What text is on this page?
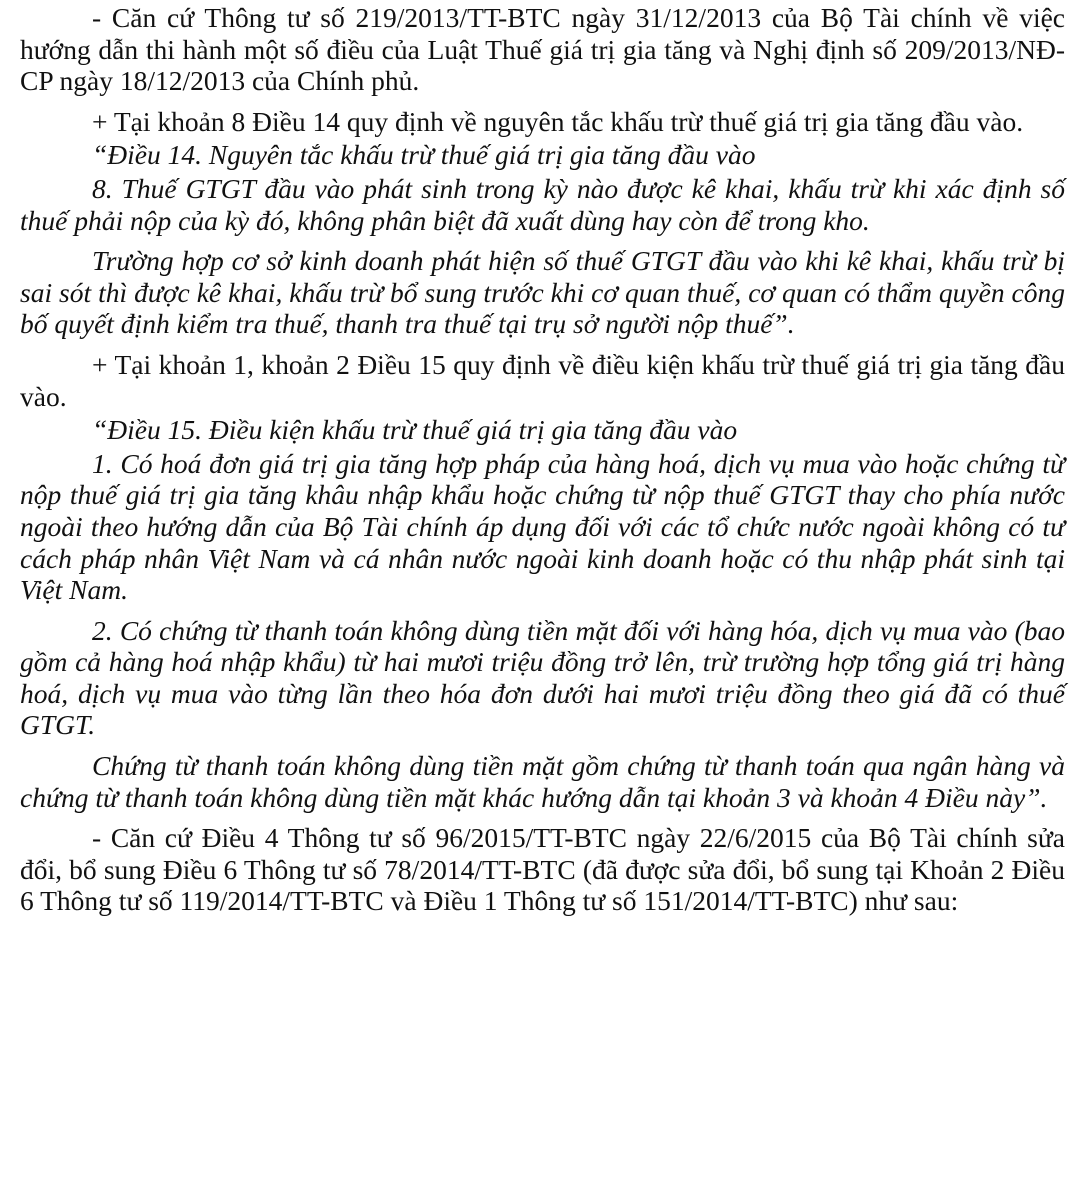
- Căn cứ Thông tư số 219/2013/TT-BTC ngày 31/12/2013 của Bộ Tài chính về việc hướng dẫn thi hành một số điều của Luật Thuế giá trị gia tăng và Nghị định số 209/2013/NĐ-CP ngày 18/12/2013 của Chính phủ.

+ Tại khoản 8 Điều 14 quy định về nguyên tắc khấu trừ thuế giá trị gia tăng đầu vào.

“Điều 14. Nguyên tắc khấu trừ thuế giá trị gia tăng đầu vào

8. Thuế GTGT đầu vào phát sinh trong kỳ nào được kê khai, khấu trừ khi xác định số thuế phải nộp của kỳ đó, không phân biệt đã xuất dùng hay còn để trong kho.

Trường hợp cơ sở kinh doanh phát hiện số thuế GTGT đầu vào khi kê khai, khấu trừ bị sai sót thì được kê khai, khấu trừ bổ sung trước khi cơ quan thuế, cơ quan có thẩm quyền công bố quyết định kiểm tra thuế, thanh tra thuế tại trụ sở người nộp thuế”.

+ Tại khoản 1, khoản 2 Điều 15 quy định về điều kiện khấu trừ thuế giá trị gia tăng đầu vào.

“Điều 15. Điều kiện khấu trừ thuế giá trị gia tăng đầu vào

1. Có hoá đơn giá trị gia tăng hợp pháp của hàng hoá, dịch vụ mua vào hoặc chứng từ nộp thuế giá trị gia tăng khâu nhập khẩu hoặc chứng từ nộp thuế GTGT thay cho phía nước ngoài theo hướng dẫn của Bộ Tài chính áp dụng đối với các tổ chức nước ngoài không có tư cách pháp nhân Việt Nam và cá nhân nước ngoài kinh doanh hoặc có thu nhập phát sinh tại Việt Nam.

2. Có chứng từ thanh toán không dùng tiền mặt đối với hàng hóa, dịch vụ mua vào (bao gồm cả hàng hoá nhập khẩu) từ hai mươi triệu đồng trở lên, trừ trường hợp tổng giá trị hàng hoá, dịch vụ mua vào từng lần theo hóa đơn dưới hai mươi triệu đồng theo giá đã có thuế GTGT.

Chứng từ thanh toán không dùng tiền mặt gồm chứng từ thanh toán qua ngân hàng và chứng từ thanh toán không dùng tiền mặt khác hướng dẫn tại khoản 3 và khoản 4 Điều này”.

- Căn cứ Điều 4 Thông tư số 96/2015/TT-BTC ngày 22/6/2015 của Bộ Tài chính sửa đổi, bổ sung Điều 6 Thông tư số 78/2014/TT-BTC (đã được sửa đổi, bổ sung tại Khoản 2 Điều 6 Thông tư số 119/2014/TT-BTC và Điều 1 Thông tư số 151/2014/TT-BTC) như sau:
